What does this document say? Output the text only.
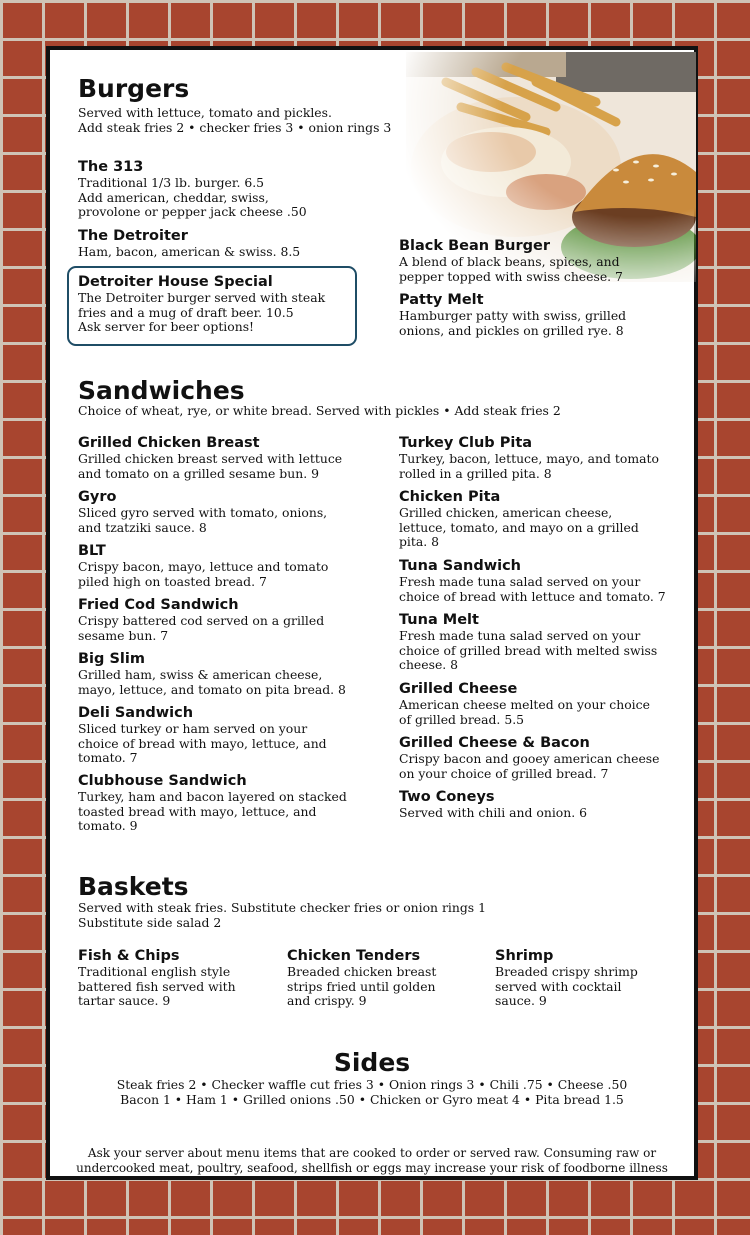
Burgers
Served with lettuce, tomato and pickles.
Add steak fries 2 • checker fries 3 • onion rings 3
The 313
Traditional 1/3 lb. burger. 6.5
Add american, cheddar, swiss,
provolone or pepper jack cheese .50
The Detroiter
Ham, bacon, american & swiss. 8.5
Detroiter House Special
The Detroiter burger served with steak
fries and a mug of draft beer. 10.5
Ask server for beer options!
Black Bean Burger
A blend of black beans, spices, and
pepper topped with swiss cheese. 7
Patty Melt
Hamburger patty with swiss, grilled
onions, and pickles on grilled rye. 8
Sandwiches
Choice of wheat, rye, or white bread. Served with pickles • Add steak fries 2
Grilled Chicken Breast
Grilled chicken breast served with lettuce
and tomato on a grilled sesame bun. 9
Gyro
Sliced gyro served with tomato, onions,
and tzatziki sauce. 8
BLT
Crispy bacon, mayo, lettuce and tomato
piled high on toasted bread. 7
Fried Cod Sandwich
Crispy battered cod served on a grilled
sesame bun. 7
Big Slim
Grilled ham, swiss & american cheese,
mayo, lettuce, and tomato on pita bread. 8
Deli Sandwich
Sliced turkey or ham served on your
choice of bread with mayo, lettuce, and
tomato. 7
Clubhouse Sandwich
Turkey, ham and bacon layered on stacked
toasted bread with mayo, lettuce, and
tomato. 9
Turkey Club Pita
Turkey, bacon, lettuce, mayo, and tomato
rolled in a grilled pita. 8
Chicken Pita
Grilled chicken, american cheese,
lettuce, tomato, and mayo on a grilled
pita. 8
Tuna Sandwich
Fresh made tuna salad served on your
choice of bread with lettuce and tomato. 7
Tuna Melt
Fresh made tuna salad served on your
choice of grilled bread with melted swiss
cheese. 8
Grilled Cheese
American cheese melted on your choice
of grilled bread. 5.5
Grilled Cheese & Bacon
Crispy bacon and gooey american cheese
on your choice of grilled bread. 7
Two Coneys
Served with chili and onion. 6
Baskets
Served with steak fries. Substitute checker fries or onion rings 1
Substitute side salad 2
Fish & Chips
Traditional english style
battered fish served with
tartar sauce. 9
Chicken Tenders
Breaded chicken breast
strips fried until golden
and crispy. 9
Shrimp
Breaded crispy shrimp
served with cocktail
sauce. 9
Sides
Steak fries 2 • Checker waffle cut fries 3 • Onion rings 3 • Chili .75 • Cheese .50
Bacon 1 • Ham 1 • Grilled onions .50 • Chicken or Gyro meat 4 • Pita bread 1.5
Ask your server about menu items that are cooked to order or served raw. Consuming raw or
undercooked meat, poultry, seafood, shellfish or eggs may increase your risk of foodborne illness
